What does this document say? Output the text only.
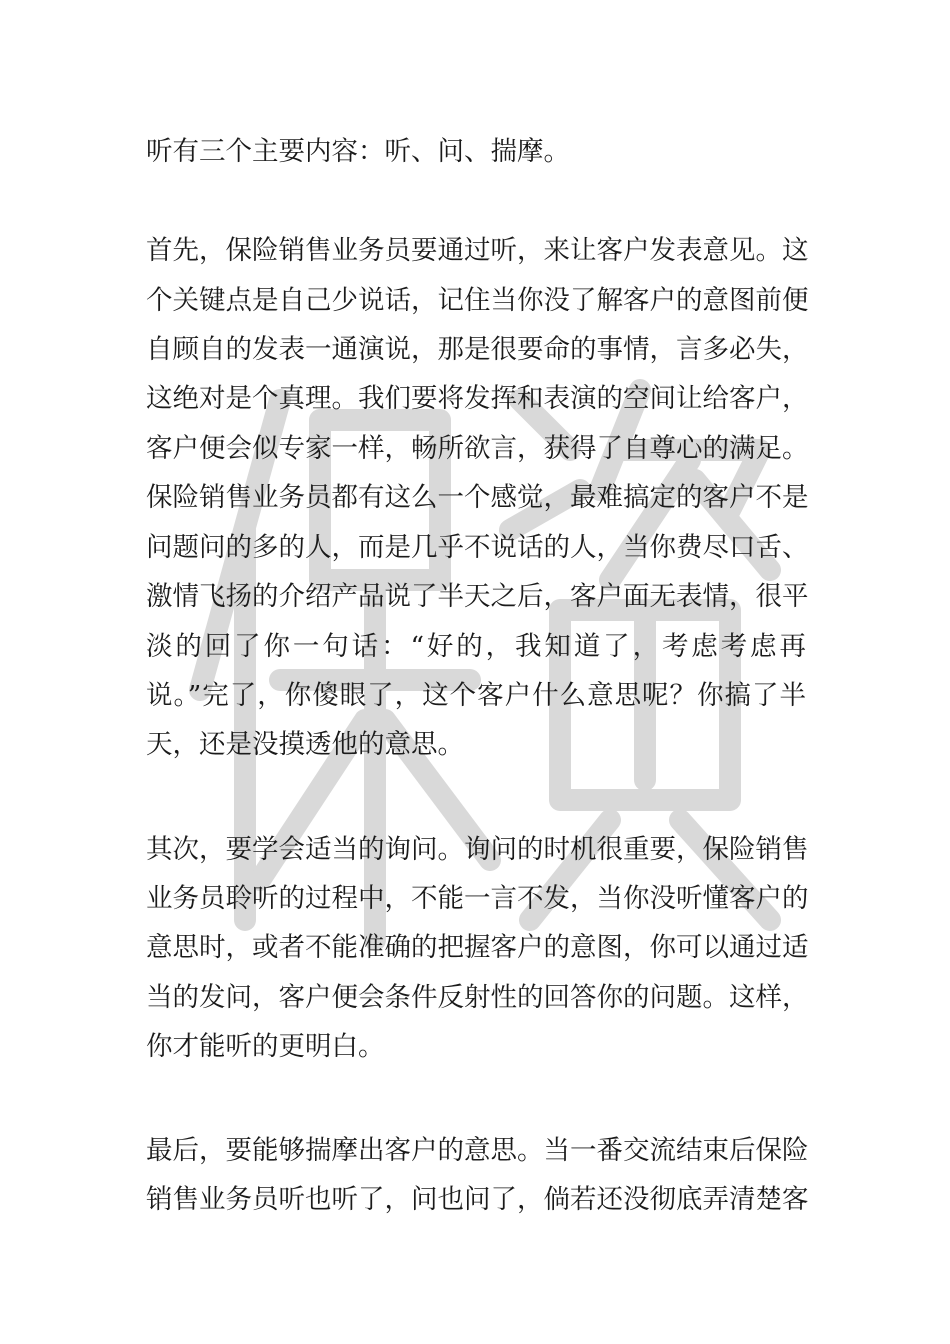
听有三个主要内容：听、问、揣摩。
首先，保险销售业务员要通过听，来让客户发表意见。这
个关键点是自己少说话，记住当你没了解客户的意图前便
自顾自的发表一通演说，那是很要命的事情，言多必失，
这绝对是个真理。我们要将发挥和表演的空间让给客户，
客户便会似专家一样，畅所欲言，获得了自尊心的满足。
保险销售业务员都有这么一个感觉，最难搞定的客户不是
问题问的多的人，而是几乎不说话的人，当你费尽口舌、
激情飞扬的介绍产品说了半天之后，客户面无表情，很平
淡的回了你一句话：“好的，我知道了，考虑考虑再
说。”完了，你傻眼了，这个客户什么意思呢？你搞了半
天，还是没摸透他的意思。
其次，要学会适当的询问。询问的时机很重要，保险销售
业务员聆听的过程中，不能一言不发，当你没听懂客户的
意思时，或者不能准确的把握客户的意图，你可以通过适
当的发问，客户便会条件反射性的回答你的问题。这样，
你才能听的更明白。
最后，要能够揣摩出客户的意思。当一番交流结束后保险
销售业务员听也听了，问也问了，倘若还没彻底弄清楚客
